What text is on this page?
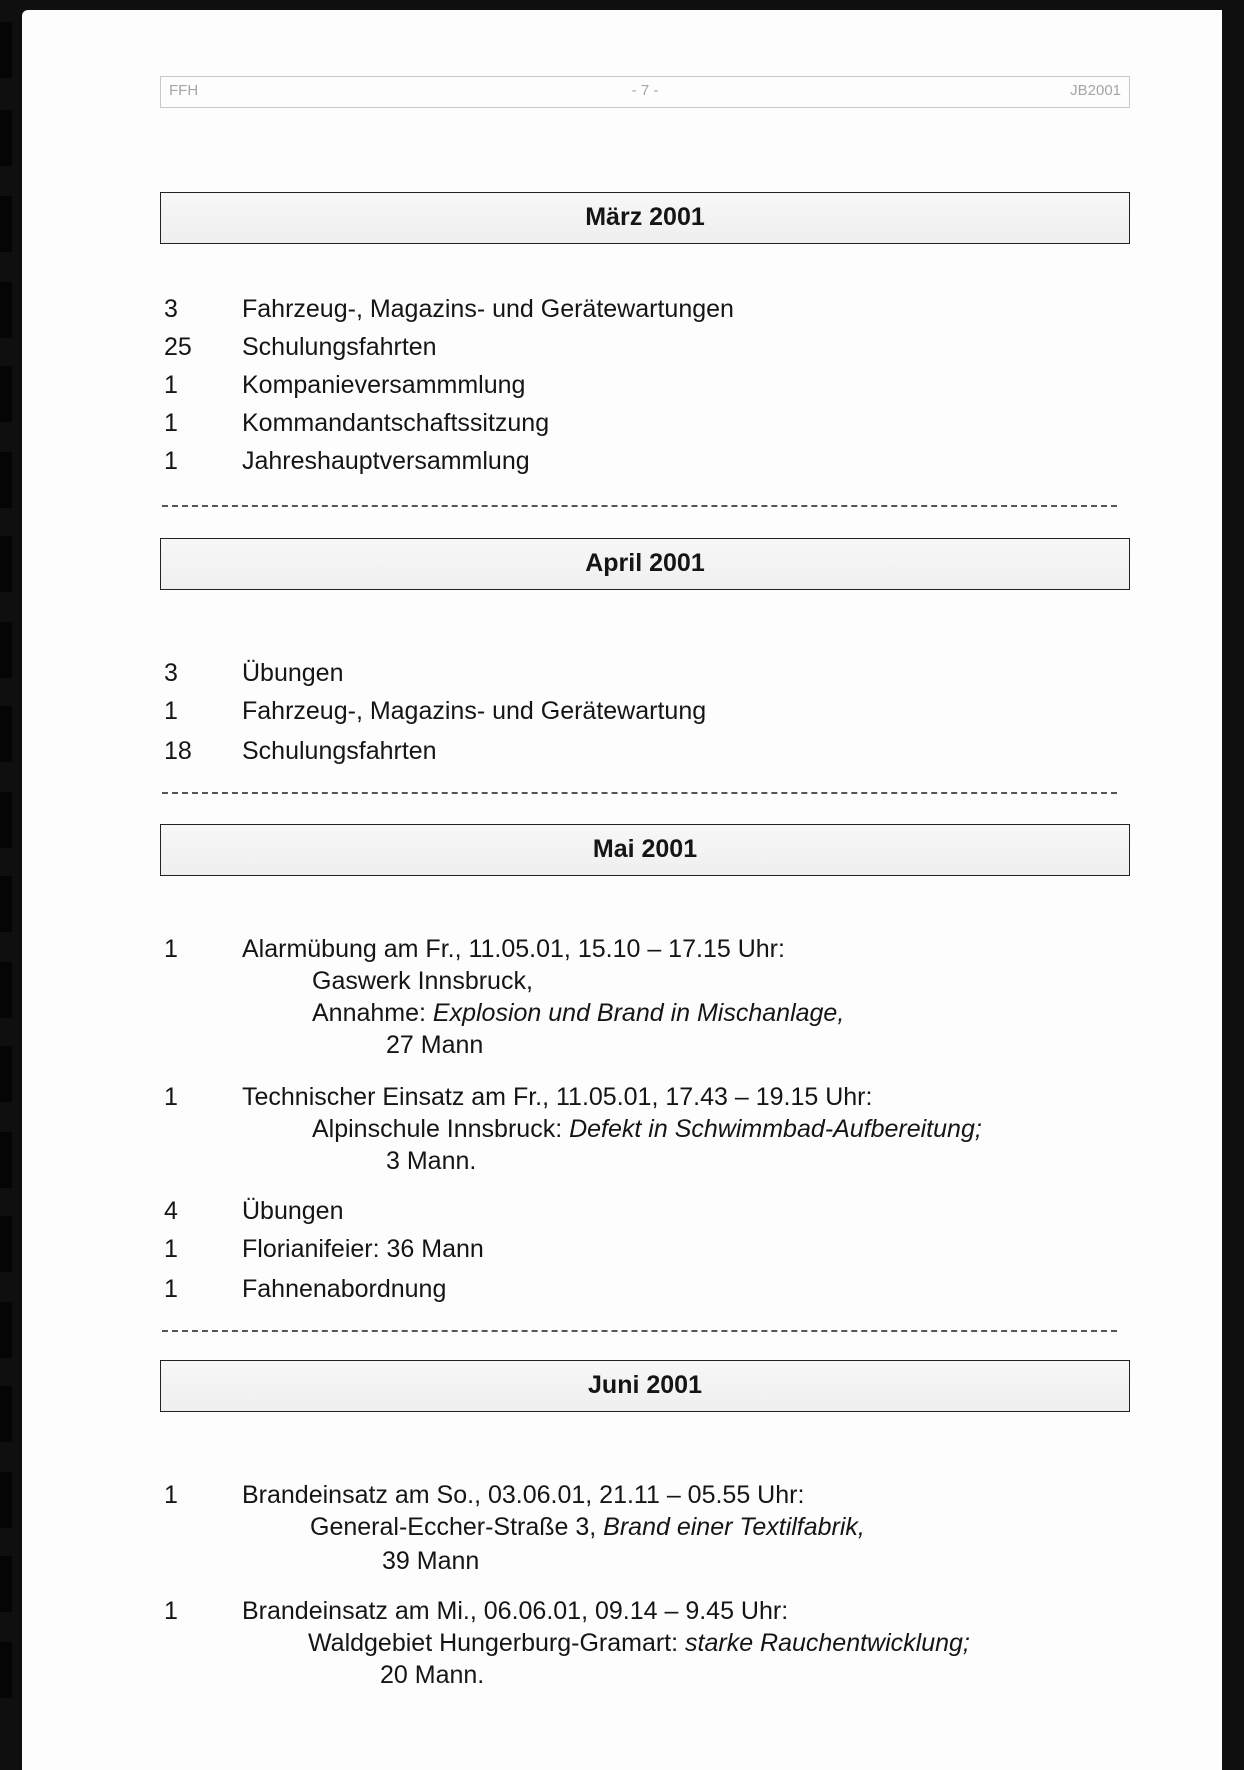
FFH	- 7 -	JB2001
März 2001
3	Fahrzeug-, Magazins- und Gerätewartungen
25	Schulungsfahrten
1	Kompanieversammmlung
1	Kommandantschaftssitzung
1	Jahreshauptversammlung
April 2001
3	Übungen
1	Fahrzeug-, Magazins- und Gerätewartung
18	Schulungsfahrten
Mai 2001
1	Alarmübung am Fr., 11.05.01, 15.10 – 17.15 Uhr:
Gaswerk Innsbruck,
Annahme: Explosion und Brand in Mischanlage,
27 Mann
1	Technischer Einsatz am Fr., 11.05.01, 17.43 – 19.15 Uhr:
Alpinschule Innsbruck: Defekt in Schwimmbad-Aufbereitung;
3 Mann.
4	Übungen
1	Florianifeier: 36 Mann
1	Fahnenabordnung
Juni 2001
1	Brandeinsatz am So., 03.06.01, 21.11 – 05.55 Uhr:
General-Eccher-Straße 3, Brand einer Textilfabrik,
39 Mann
1	Brandeinsatz am Mi., 06.06.01, 09.14 – 9.45 Uhr:
Waldgebiet Hungerburg-Gramart: starke Rauchentwicklung;
20 Mann.
